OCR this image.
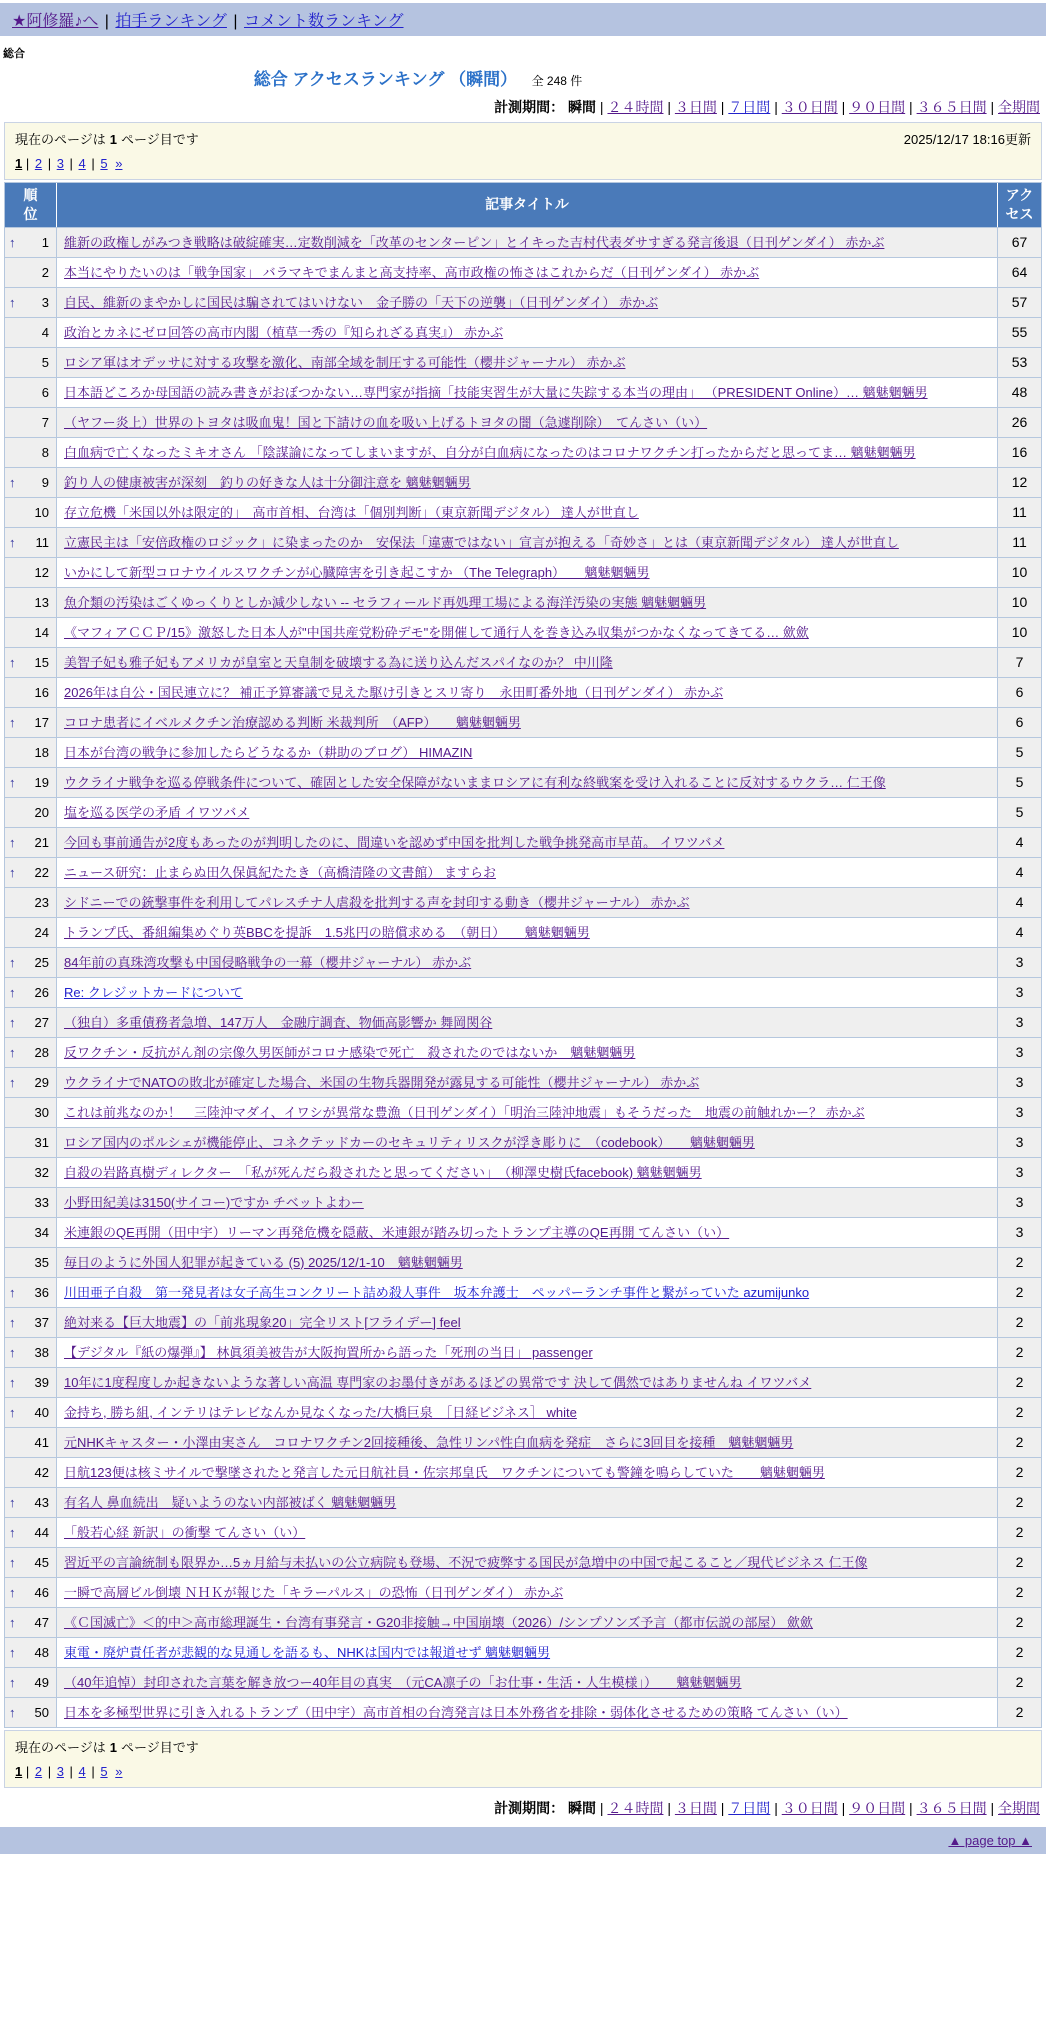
★阿修羅♪へ | 拍手ランキング | コメント数ランキング
総合
総合 アクセスランキング （瞬間） 全 248 件
計測期間： 瞬間 | ２４時間 | ３日間 | ７日間 | ３０日間 | ９０日間 | ３６５日間 | 全期間
2025/12/17 18:16更新
現在のページは 1 ページ目です
1 | 2 | 3 | 4 | 5 »
順位	記事タイトル	アクセス

↑ 1	維新の政権しがみつき戦略は破綻確実…定数削減を「改革のセンターピン」とイキった吉村代表ダサすぎる発言後退（日刊ゲンダイ） 赤かぶ	67

2	本当にやりたいのは「戦争国家」 バラマキでまんまと高支持率、高市政権の怖さはこれからだ（日刊ゲンダイ） 赤かぶ	64

↑ 3	自民、維新のまやかしに国民は騙されてはいけない　金子勝の「天下の逆襲」（日刊ゲンダイ） 赤かぶ	57

4	政治とカネにゼロ回答の高市内閣（植草一秀の『知られざる真実』） 赤かぶ	55

5	ロシア軍はオデッサに対する攻撃を激化、南部全域を制圧する可能性（櫻井ジャーナル） 赤かぶ	53

6	日本語どころか母国語の読み書きがおぼつかない…専門家が指摘「技能実習生が大量に失踪する本当の理由」 （PRESIDENT Online）… 魑魅魍魎男	48

7	（ヤフー炎上）世界のトヨタは吸血鬼！国と下請けの血を吸い上げるトヨタの闇（急遽削除）　てんさい（い）	26

8	白血病で亡くなったミキオさん 「陰謀論になってしまいますが、自分が白血病になったのはコロナワクチン打ったからだと思ってま… 魑魅魍魎男	16

↑ 9	釣り人の健康被害が深刻　釣りの好きな人は十分御注意を 魑魅魍魎男	12

10	存立危機「米国以外は限定的」　高市首相、台湾は「個別判断」（東京新聞デジタル） 達人が世直し	11

↑ 11	立憲民主は「安倍政権のロジック」に染まったのか　安保法「違憲ではない」宣言が抱える「奇妙さ」とは（東京新聞デジタル） 達人が世直し	11

12	いかにして新型コロナウイルスワクチンが心臓障害を引き起こすか （The Telegraph）　　魑魅魍魎男	10

13	魚介類の汚染はごくゆっくりとしか減少しない -- セラフィールド再処理工場による海洋汚染の実態 魑魅魍魎男	10

14	《マフィアＣＣＰ/15》激怒した日本人が"中国共産党粉砕デモ"を開催して通行人を巻き込み収集がつかなくなってきてる… 歛歛	10

↑ 15	美智子妃も雅子妃もアメリカが皇室と天皇制を破壊する為に送り込んだスパイなのか？ 中川隆	7

16	2026年は自公・国民連立に？ 補正予算審議で見えた駆け引きとスリ寄り　永田町番外地（日刊ゲンダイ） 赤かぶ	6

↑ 17	コロナ患者にイベルメクチン治療認める判断 米裁判所　（AFP）　　魑魅魍魎男	6

18	日本が台湾の戦争に参加したらどうなるか（耕助のブログ） HIMAZIN	5

↑ 19	ウクライナ戦争を巡る停戦条件について、確固とした安全保障がないままロシアに有利な終戦案を受け入れることに反対するウクラ… 仁王像	5

20	塩を巡る医学の矛盾 イワツバメ	5

↑ 21	今回も事前通告が2度もあったのが判明したのに、間違いを認めず中国を批判した戦争挑発高市早苗。 イワツバメ	4

↑ 22	ニュース研究：止まらぬ田久保眞紀たたき（高橋清隆の文書館） ますらお	4

23	シドニーでの銃撃事件を利用してパレスチナ人虐殺を批判する声を封印する動き（櫻井ジャーナル） 赤かぶ	4

24	トランプ氏、番組編集めぐり英BBCを提訴　1.5兆円の賠償求める　（朝日）　　魑魅魍魎男	4

↑ 25	84年前の真珠湾攻撃も中国侵略戦争の一幕（櫻井ジャーナル） 赤かぶ	3

↑ 26	Re: クレジットカードについて	3

↑ 27	（独自）多重債務者急増、147万人　金融庁調査、物価高影響か 舞岡関谷	3

↑ 28	反ワクチン・反抗がん剤の宗像久男医師がコロナ感染で死亡　殺されたのではないか　魑魅魍魎男	3

↑ 29	ウクライナでNATOの敗北が確定した場合、米国の生物兵器開発が露見する可能性（櫻井ジャーナル） 赤かぶ	3

30	これは前兆なのか！　三陸沖マダイ、イワシが異常な豊漁（日刊ゲンダイ）「明治三陸沖地震」もそうだった　地震の前触れかー？ 赤かぶ	3

31	ロシア国内のポルシェが機能停止、コネクテッドカーのセキュリティリスクが浮き彫りに　（codebook）　　魑魅魍魎男	3

32	自殺の岩路真樹ディレクター　「私が死んだら殺されたと思ってください」　（柳澤史樹氏facebook) 魑魅魍魎男	3

33	小野田紀美は3150(サイコー)ですか チベットよわー	3

34	米連銀のQE再開（田中宇）リーマン再発危機を隠蔽、米連銀が踏み切ったトランプ主導のQE再開 てんさい（い）	3

35	毎日のように外国人犯罪が起きている (5) 2025/12/1-10　魑魅魍魎男	2

↑ 36	川田亜子自殺　第一発見者は女子高生コンクリート詰め殺人事件　坂本弁護士　ペッパーランチ事件と繋がっていた azumijunko	2

↑ 37	絶対来る【巨大地震】の「前兆現象20」完全リスト[フライデー] feel	2

↑ 38	【デジタル『紙の爆弾』】 林眞須美被告が大阪拘置所から語った「死刑の当日」 passenger	2

↑ 39	10年に1度程度しか起きないような著しい高温 専門家のお墨付きがあるほどの異常です 決して偶然ではありませんね イワツバメ	2

↑ 40	金持ち, 勝ち組, インテリはテレビなんか見なくなった/大橋巨泉　［日経ビジネス］ white	2

41	元NHKキャスター・小澤由実さん　コロナワクチン2回接種後、急性リンパ性白血病を発症　さらに3回目を接種　魑魅魍魎男	2

42	日航123便は核ミサイルで撃墜されたと発言した元日航社員・佐宗邦皇氏　ワクチンについても警鐘を鳴らしていた　　魑魅魍魎男	2

↑ 43	有名人 鼻血続出　疑いようのない内部被ばく 魑魅魍魎男	2

↑ 44	「般若心経 新訳」の衝撃 てんさい（い）	2

↑ 45	習近平の言論統制も限界か…5ヵ月給与未払いの公立病院も登場、不況で疲弊する国民が急増中の中国で起こること／現代ビジネス 仁王像	2

↑ 46	一瞬で高層ビル倒壊 ＮＨＫが報じた「キラーパルス」の恐怖（日刊ゲンダイ） 赤かぶ	2

↑ 47	《Ｃ国滅亡》＜的中＞高市総理誕生・台湾有事発言・G20非接触→中国崩壊（2026）/シンプソンズ予言（都市伝説の部屋） 歛歛	2

↑ 48	東電・廃炉責任者が悲観的な見通しを語るも、NHKは国内では報道せず 魑魅魍魎男	2

↑ 49	（40年追悼）封印された言葉を解き放つー40年目の真実　（元CA凛子の「お仕事・生活・人生模様」）　　魑魅魍魎男	2

↑ 50	日本を多極型世界に引き入れるトランプ（田中宇）高市首相の台湾発言は日本外務省を排除・弱体化させるための策略 てんさい（い）	2
現在のページは 1 ページ目です
1 | 2 | 3 | 4 | 5 »
計測期間： 瞬間 | ２４時間 | ３日間 | ７日間 | ３０日間 | ９０日間 | ３６５日間 | 全期間
▲ page top ▲
